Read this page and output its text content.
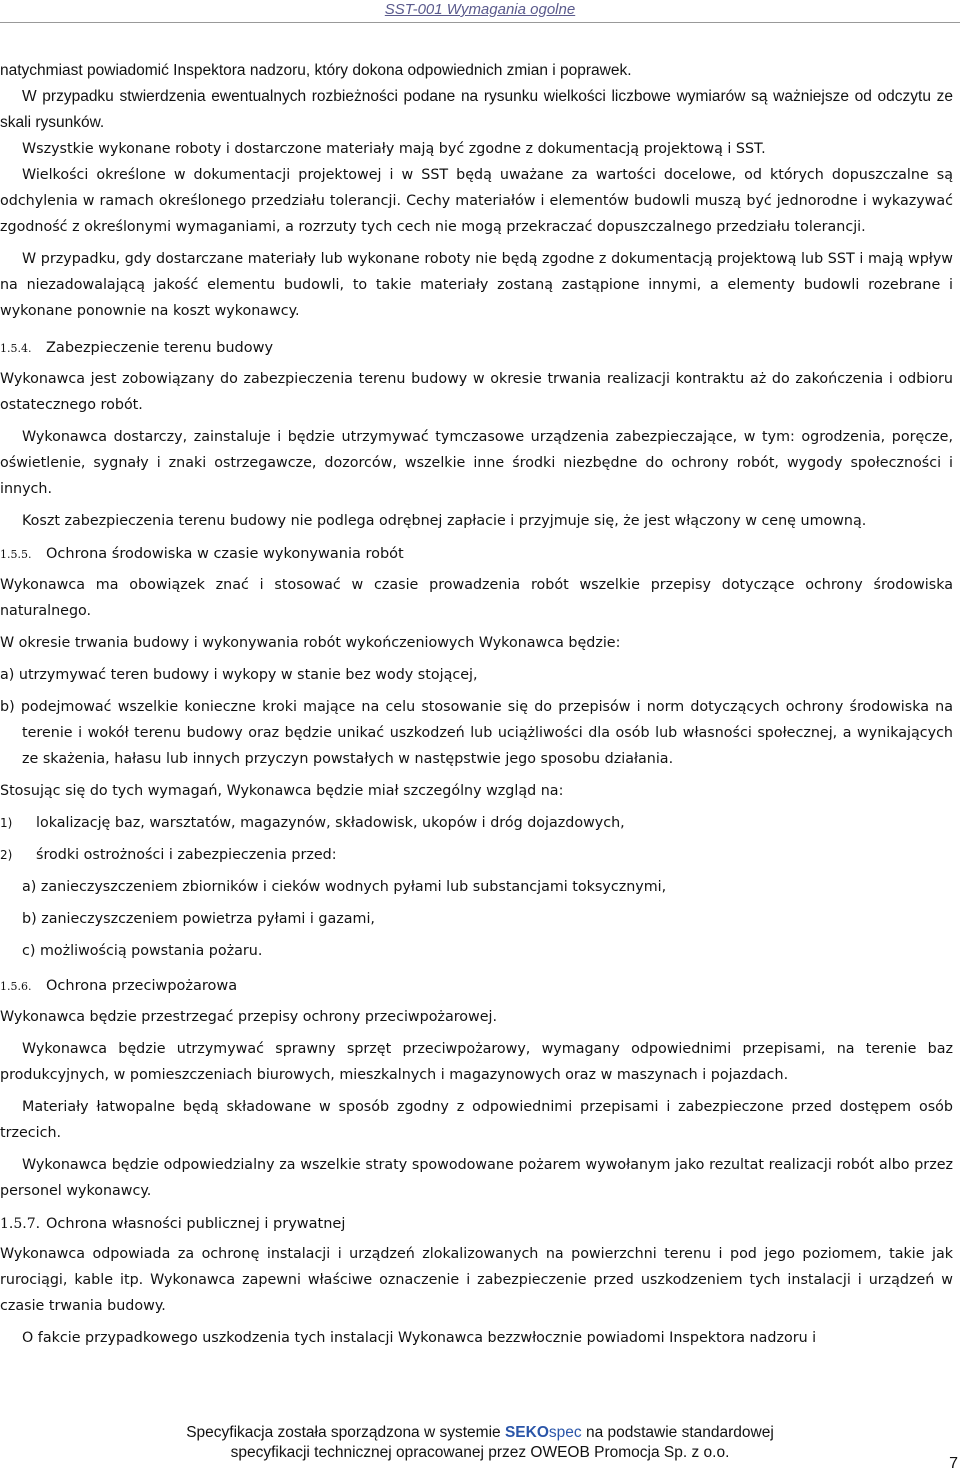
SST-001 Wymagania ogolne

natychmiast powiadomić Inspektora nadzoru, który dokona odpowiednich zmian i poprawek.

W przypadku stwierdzenia ewentualnych rozbieżności podane na rysunku wielkości liczbowe wymiarów są ważniejsze od odczytu ze skali rysunków.

Wszystkie wykonane roboty i dostarczone materiały mają być zgodne z dokumentacją projektową i SST.

Wielkości określone w dokumentacji projektowej i w SST będą uważane za wartości docelowe, od których dopuszczalne są odchylenia w ramach określonego przedziału tolerancji. Cechy materiałów i elementów budowli muszą być jednorodne i wykazywać zgodność z określonymi wymaganiami, a rozrzuty tych cech nie mogą przekraczać dopuszczalnego przedziału tolerancji.

W przypadku, gdy dostarczane materiały lub wykonane roboty nie będą zgodne z dokumentacją projektową lub SST i mają wpływ na niezadowalającą jakość elementu budowli, to takie materiały zostaną zastąpione innymi, a elementy budowli rozebrane i wykonane ponownie na koszt wykonawcy.

1.5.4. Zabezpieczenie terenu budowy

Wykonawca jest zobowiązany do zabezpieczenia terenu budowy w okresie trwania realizacji kontraktu aż do zakończenia i odbioru ostatecznego robót.

Wykonawca dostarczy, zainstaluje i będzie utrzymywać tymczasowe urządzenia zabezpieczające, w tym: ogrodzenia, poręcze, oświetlenie, sygnały i znaki ostrzegawcze, dozorców, wszelkie inne środki niezbędne do ochrony robót, wygody społeczności i innych.

Koszt zabezpieczenia terenu budowy nie podlega odrębnej zapłacie i przyjmuje się, że jest włączony w cenę umowną.

1.5.5. Ochrona środowiska w czasie wykonywania robót

Wykonawca ma obowiązek znać i stosować w czasie prowadzenia robót wszelkie przepisy dotyczące ochrony środowiska naturalnego.

W okresie trwania budowy i wykonywania robót wykończeniowych Wykonawca będzie:

a) utrzymywać teren budowy i wykopy w stanie bez wody stojącej,

b) podejmować wszelkie konieczne kroki mające na celu stosowanie się do przepisów i norm dotyczących ochrony środowiska na terenie i wokół terenu budowy oraz będzie unikać uszkodzeń lub uciążliwości dla osób lub własności społecznej, a wynikających ze skażenia, hałasu lub innych przyczyn powstałych w następstwie jego sposobu działania.

Stosując się do tych wymagań, Wykonawca będzie miał szczególny wzgląd na:

1)	lokalizację baz, warsztatów, magazynów, składowisk, ukopów i dróg dojazdowych,
2)	środki ostrożności i zabezpieczenia przed:

a) zanieczyszczeniem zbiorników i cieków wodnych pyłami lub substancjami toksycznymi,

b) zanieczyszczeniem powietrza pyłami i gazami,

c) możliwością powstania pożaru.

1.5.6. Ochrona przeciwpożarowa

Wykonawca będzie przestrzegać przepisy ochrony przeciwpożarowej.

Wykonawca będzie utrzymywać sprawny sprzęt przeciwpożarowy, wymagany odpowiednimi przepisami, na terenie baz produkcyjnych, w pomieszczeniach biurowych, mieszkalnych i magazynowych oraz w maszynach i pojazdach.

Materiały łatwopalne będą składowane w sposób zgodny z odpowiednimi przepisami i zabezpieczone przed dostępem osób trzecich.

Wykonawca będzie odpowiedzialny za wszelkie straty spowodowane pożarem wywołanym jako rezultat realizacji robót albo przez personel wykonawcy.

1.5.7. Ochrona własności publicznej i prywatnej

Wykonawca odpowiada za ochronę instalacji i urządzeń zlokalizowanych na powierzchni terenu i pod jego poziomem, takie jak rurociągi, kable itp. Wykonawca zapewni właściwe oznaczenie i zabezpieczenie przed uszkodzeniem tych instalacji i urządzeń w czasie trwania budowy.

O fakcie przypadkowego uszkodzenia tych instalacji Wykonawca bezzwłocznie powiadomi Inspektora nadzoru i

Specyfikacja została sporządzona w systemie SEKOspec na podstawie standardowej
specyfikacji technicznej opracowanej przez OWEOB Promocja Sp. z o.o.
7
